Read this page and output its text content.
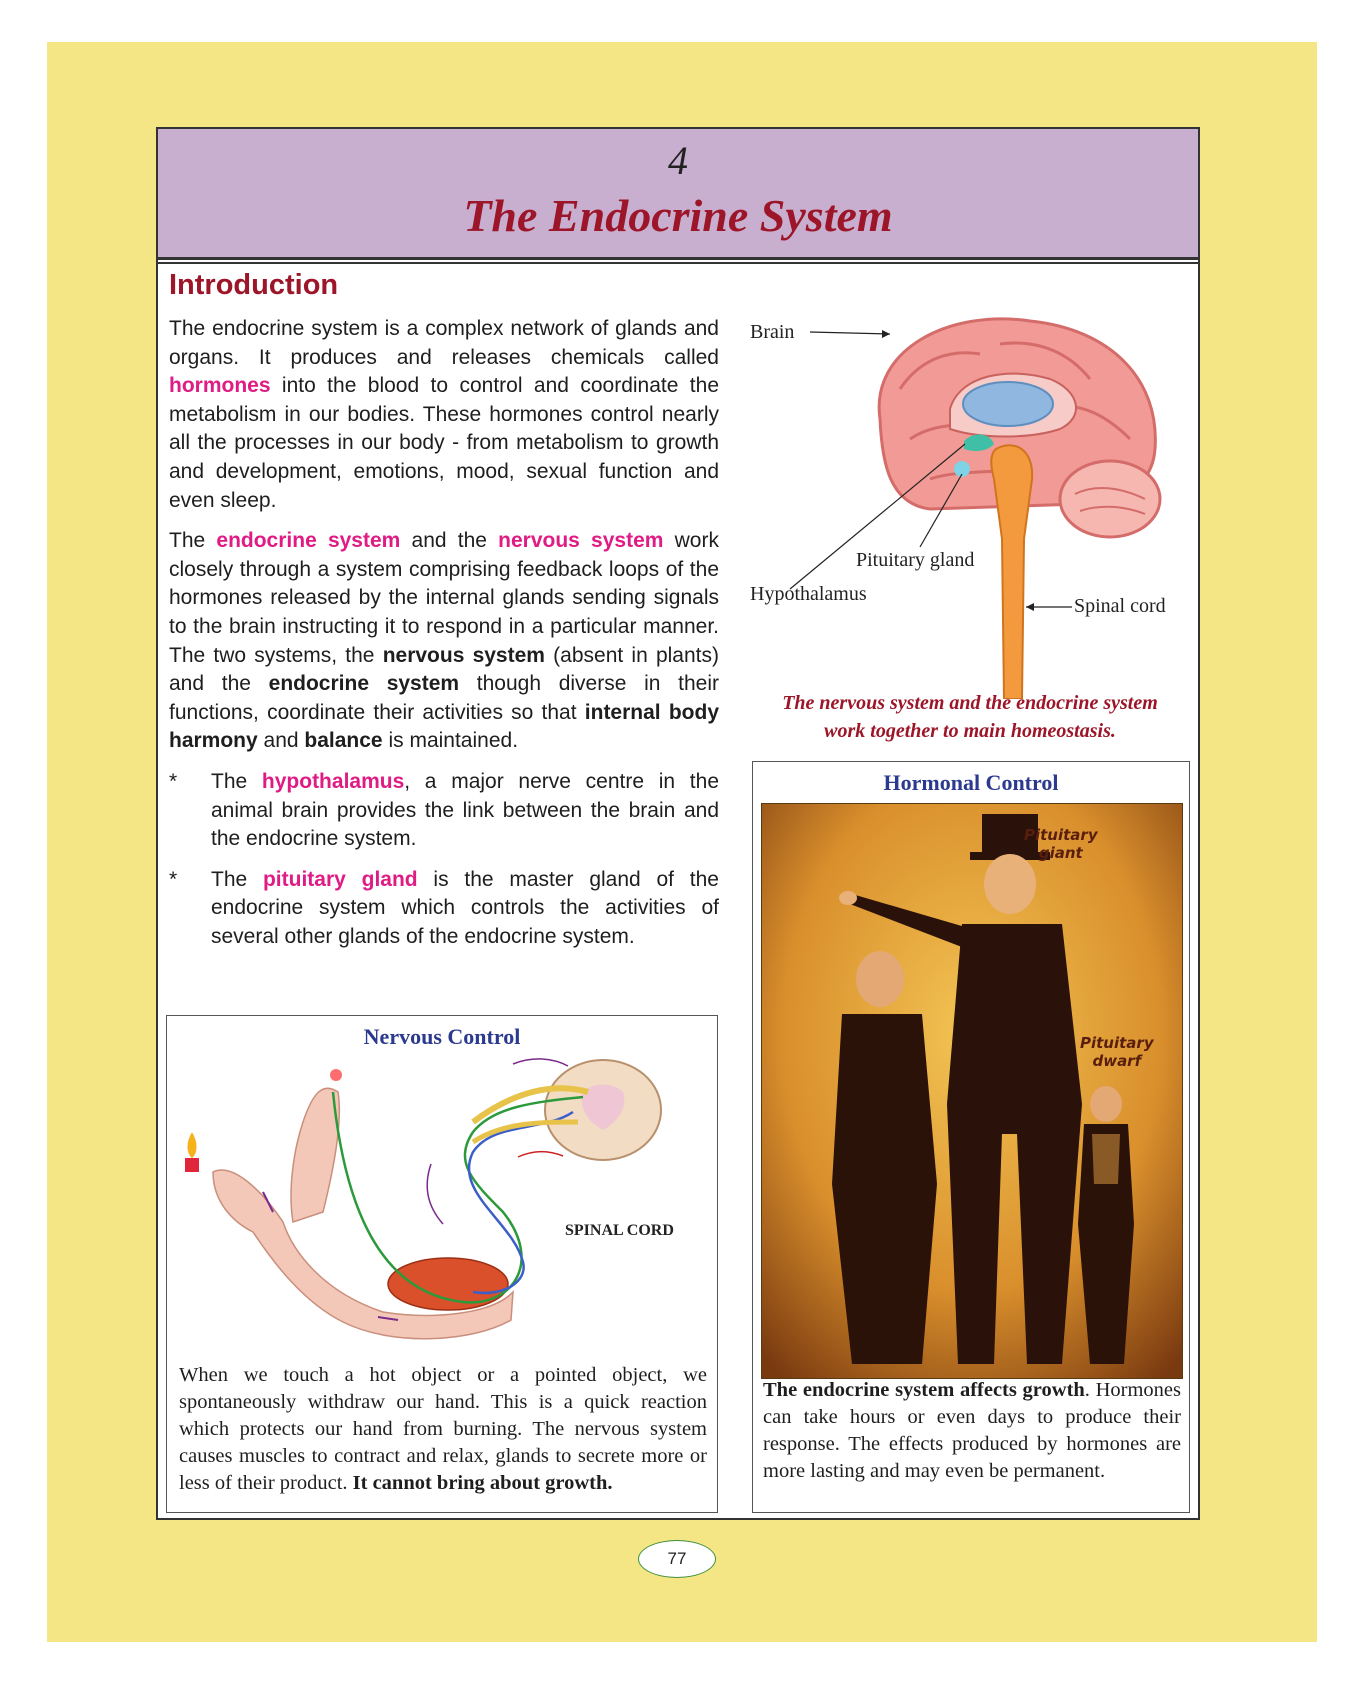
4
The Endocrine System
Introduction

The endocrine system is a complex network of glands and organs. It produces and releases chemicals called hormones into the blood to control and coordinate the metabolism in our bodies. These hormones control nearly all the processes in our body - from metabolism to growth and development, emotions, mood, sexual function and even sleep.

The endocrine system and the nervous system work closely through a system comprising feedback loops of the hormones released by the internal glands sending signals to the brain instructing it to respond in a particular manner. The two systems, the nervous system (absent in plants) and the endocrine system though diverse in their functions, coordinate their activities so that internal body harmony and balance is maintained.

* The hypothalamus, a major nerve centre in the animal brain provides the link between the brain and the endocrine system.
* The pituitary gland is the master gland of the endocrine system which controls the activities of several other glands of the endocrine system.
Brain
Pituitary gland
Hypothalamus
Spinal cord
The nervous system and the endocrine system
work together to main homeostasis.
Hormonal Control
Pituitary
giant
Pituitary
dwarf
The endocrine system affects growth. Hormones can take hours or even days to produce their response. The effects produced by hormones are more lasting and may even be permanent.
Nervous Control
SPINAL CORD
When we touch a hot object or a pointed object, we spontaneously withdraw our hand. This is a quick reaction which protects our hand from burning. The nervous system causes muscles to contract and relax, glands to secrete more or less of their product. It cannot bring about growth.
77
